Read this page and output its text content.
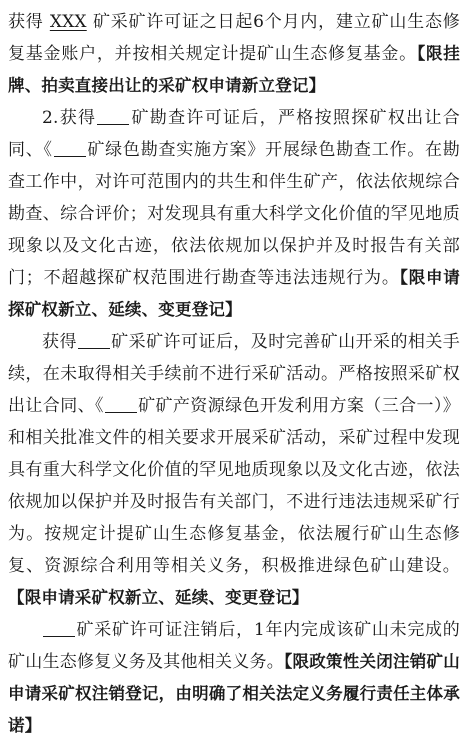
获得 XXX 矿采矿许可证之日起6个月内，建立矿山生态修复基金账户，并按相关规定计提矿山生态修复基金。【限挂牌、拍卖直接出让的采矿权申请新立登记】

2.获得 矿勘查许可证后，严格按照探矿权出让合同、《 矿绿色勘查实施方案》开展绿色勘查工作。在勘查工作中，对许可范围内的共生和伴生矿产，依法依规综合勘查、综合评价；对发现具有重大科学文化价值的罕见地质现象以及文化古迹，依法依规加以保护并及时报告有关部门；不超越探矿权范围进行勘查等违法违规行为。【限申请探矿权新立、延续、变更登记】

获得 矿采矿许可证后，及时完善矿山开采的相关手续，在未取得相关手续前不进行采矿活动。严格按照采矿权出让合同、《 矿矿产资源绿色开发利用方案（三合一）》和相关批准文件的相关要求开展采矿活动，采矿过程中发现具有重大科学文化价值的罕见地质现象以及文化古迹，依法依规加以保护并及时报告有关部门，不进行违法违规采矿行为。按规定计提矿山生态修复基金，依法履行矿山生态修复、资源综合利用等相关义务，积极推进绿色矿山建设。【限申请采矿权新立、延续、变更登记】

矿采矿许可证注销后，1年内完成该矿山未完成的矿山生态修复义务及其他相关义务。【限政策性关闭注销矿山申请采矿权注销登记，由明确了相关法定义务履行责任主体承诺】
